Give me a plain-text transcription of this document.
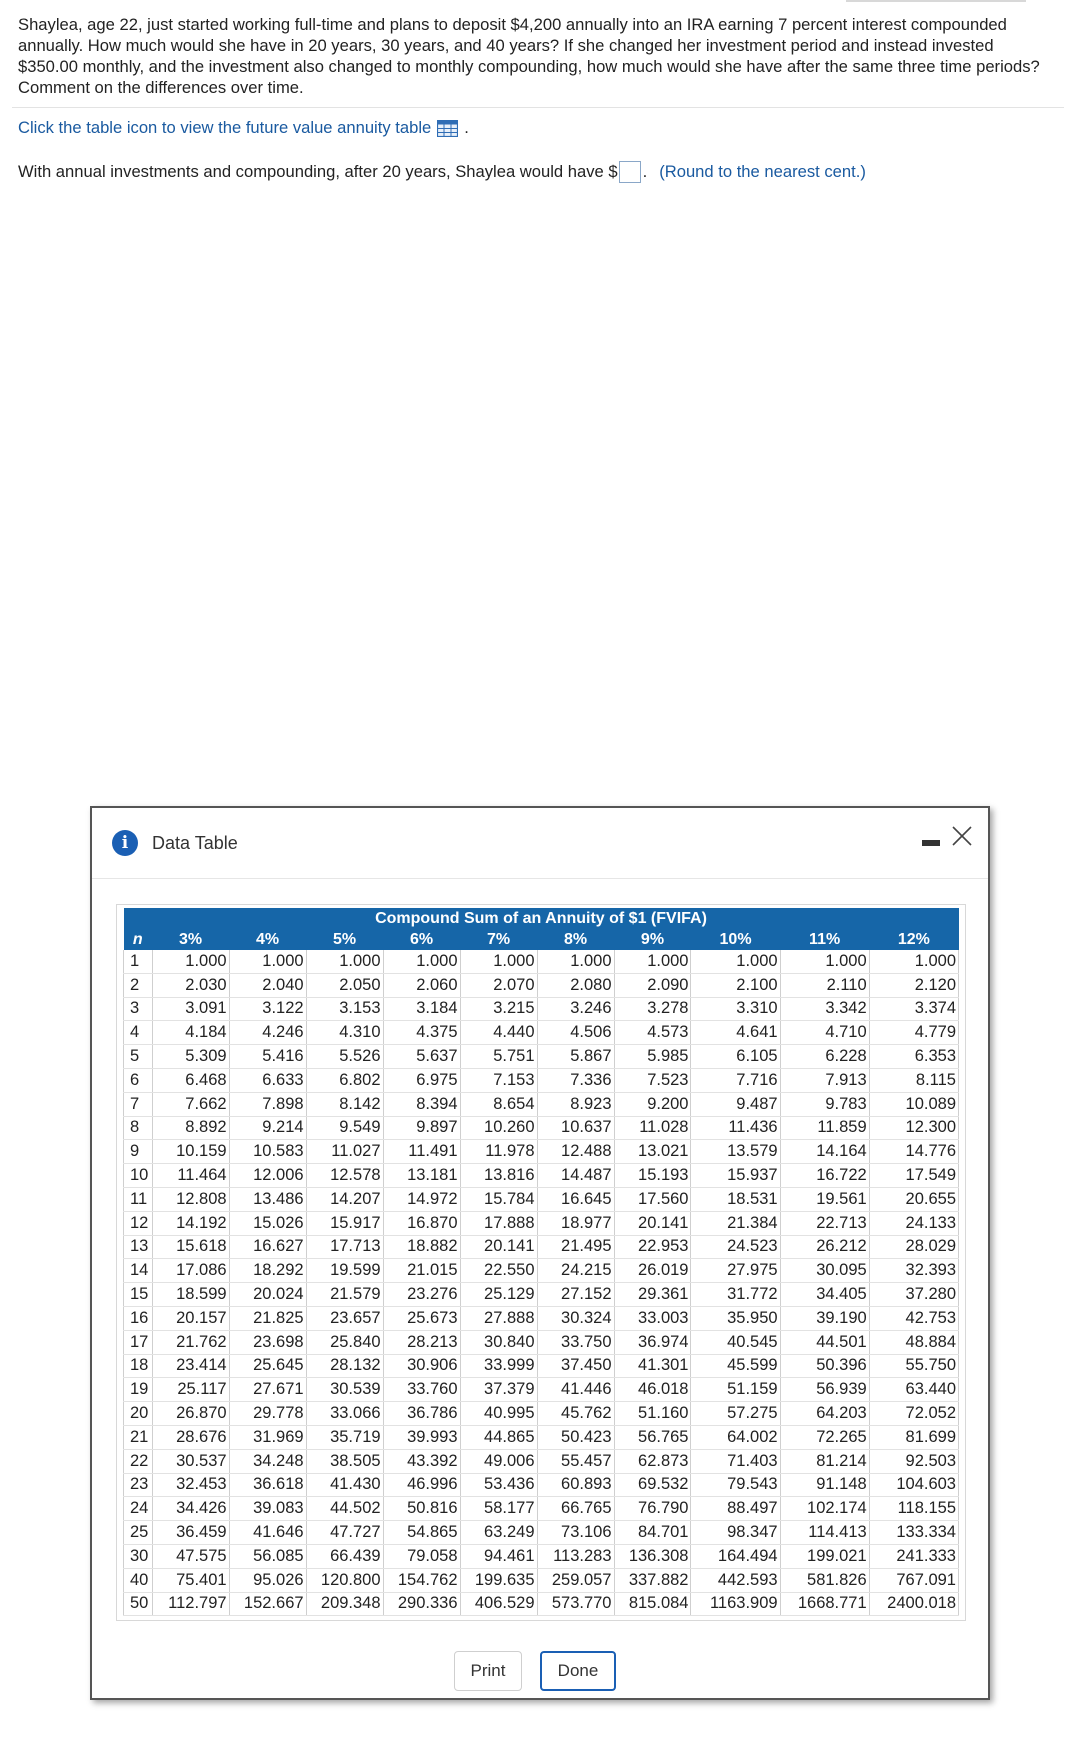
Shaylea, age 22, just started working full-time and plans to deposit $4,200 annually into an IRA earning 7 percent interest compounded annually. How much would she have in 20 years, 30 years, and 40 years? If she changed her investment period and instead invested $350.00 monthly, and the investment also changed to monthly compounding, how much would she have after the same three time periods? Comment on the differences over time.
Click the table icon to view the future value annuity table .
With annual investments and compounding, after 20 years, Shaylea would have $ . (Round to the nearest cent.)
i	Data Table
Compound Sum of an Annuity of $1 (FVIFA)										
n	3%	4%	5%	6%	7%	8%	9%	10%	11%	12%
1	1.000	1.000	1.000	1.000	1.000	1.000	1.000	1.000	1.000	1.000
2	2.030	2.040	2.050	2.060	2.070	2.080	2.090	2.100	2.110	2.120
3	3.091	3.122	3.153	3.184	3.215	3.246	3.278	3.310	3.342	3.374
4	4.184	4.246	4.310	4.375	4.440	4.506	4.573	4.641	4.710	4.779
5	5.309	5.416	5.526	5.637	5.751	5.867	5.985	6.105	6.228	6.353
6	6.468	6.633	6.802	6.975	7.153	7.336	7.523	7.716	7.913	8.115
7	7.662	7.898	8.142	8.394	8.654	8.923	9.200	9.487	9.783	10.089
8	8.892	9.214	9.549	9.897	10.260	10.637	11.028	11.436	11.859	12.300
9	10.159	10.583	11.027	11.491	11.978	12.488	13.021	13.579	14.164	14.776
10	11.464	12.006	12.578	13.181	13.816	14.487	15.193	15.937	16.722	17.549
11	12.808	13.486	14.207	14.972	15.784	16.645	17.560	18.531	19.561	20.655
12	14.192	15.026	15.917	16.870	17.888	18.977	20.141	21.384	22.713	24.133
13	15.618	16.627	17.713	18.882	20.141	21.495	22.953	24.523	26.212	28.029
14	17.086	18.292	19.599	21.015	22.550	24.215	26.019	27.975	30.095	32.393
15	18.599	20.024	21.579	23.276	25.129	27.152	29.361	31.772	34.405	37.280
16	20.157	21.825	23.657	25.673	27.888	30.324	33.003	35.950	39.190	42.753
17	21.762	23.698	25.840	28.213	30.840	33.750	36.974	40.545	44.501	48.884
18	23.414	25.645	28.132	30.906	33.999	37.450	41.301	45.599	50.396	55.750
19	25.117	27.671	30.539	33.760	37.379	41.446	46.018	51.159	56.939	63.440
20	26.870	29.778	33.066	36.786	40.995	45.762	51.160	57.275	64.203	72.052
21	28.676	31.969	35.719	39.993	44.865	50.423	56.765	64.002	72.265	81.699
22	30.537	34.248	38.505	43.392	49.006	55.457	62.873	71.403	81.214	92.503
23	32.453	36.618	41.430	46.996	53.436	60.893	69.532	79.543	91.148	104.603
24	34.426	39.083	44.502	50.816	58.177	66.765	76.790	88.497	102.174	118.155
25	36.459	41.646	47.727	54.865	63.249	73.106	84.701	98.347	114.413	133.334
30	47.575	56.085	66.439	79.058	94.461	113.283	136.308	164.494	199.021	241.333
40	75.401	95.026	120.800	154.762	199.635	259.057	337.882	442.593	581.826	767.091
50	112.797	152.667	209.348	290.336	406.529	573.770	815.084	1163.909	1668.771	2400.018
Print	Done
